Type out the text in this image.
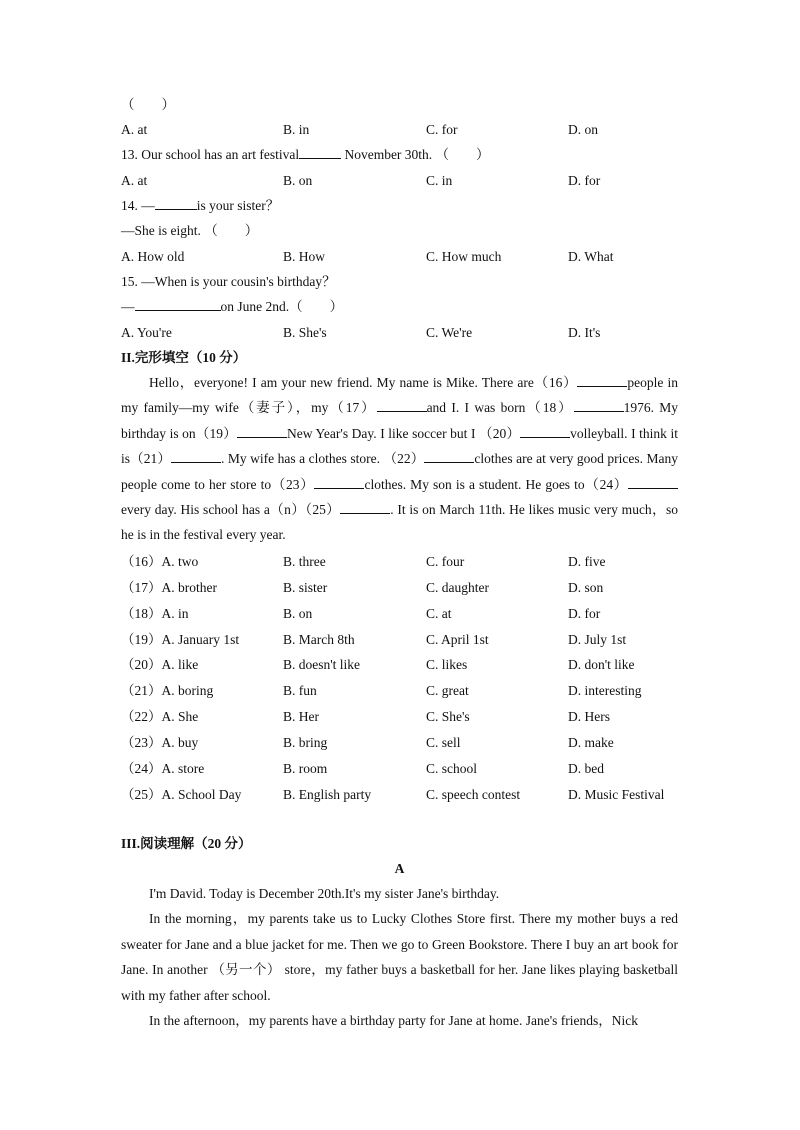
（　　）
A. at	B. in	C. for	D. on
13. Our school has an art festival	November 30th. （　　）
A. at	B. on	C. in	D. for
14. —	is your sister？
—She is eight. （　　）
A. How old	B. How	C. How much	D. What
15. —When is your cousin's birthday？
—	on June 2nd.（　　）
A. You're	B. She's	C. We're	D. It's
II.完形填空（10 分）

Hello，everyone! I am your new friend. My name is Mike. There are（16）	people in my family—my wife（妻子），my（17）	and I. I was born（18）	1976. My birthday is on（19）	New Year's Day. I like soccer but I （20）	volleyball. I think it is（21）	. My wife has a clothes store. （22）	clothes are at very good prices. Many people come to her store to（23）	clothes. My son is a student. He goes to（24）every day. His school has a（n）（25）	. It is on March 11th. He likes music very much，so he is in the festival every year.

（16）A. two	B. three	C. four	D. five
（17）A. brother	B. sister	C. daughter	D. son
（18）A. in	B. on	C. at	D. for
（19）A. January 1st	B. March 8th	C. April 1st	D. July 1st
（20）A. like	B. doesn't like	C. likes	D. don't like
（21）A. boring	B. fun	C. great	D. interesting
（22）A. She	B. Her	C. She's	D. Hers
（23）A. buy	B. bring	C. sell	D. make
（24）A. store	B. room	C. school	D. bed
（25）A. School Day	B. English party	C. speech contest	D. Music Festival
III.阅读理解（20 分）
A

I'm David. Today is December 20th.It's my sister Jane's birthday.

In the morning，my parents take us to Lucky Clothes Store first. There my mother buys a red sweater for Jane and a blue jacket for me. Then we go to Green Bookstore. There I buy an art book for Jane. In another （另一个） store，my father buys a basketball for her. Jane likes playing basketball with my father after school.

In the afternoon，my parents have a birthday party for Jane at home. Jane's friends，Nick
